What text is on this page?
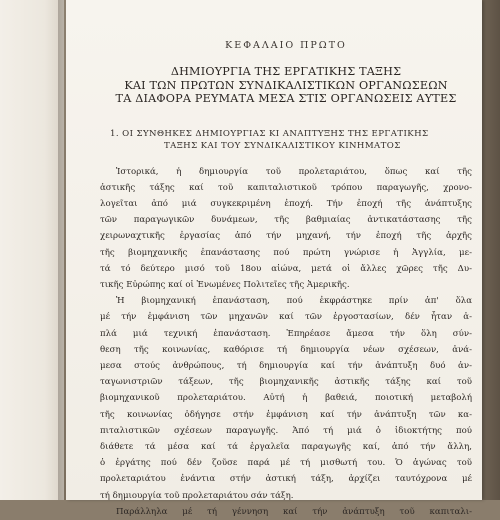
ΚΕΦΑΛΑΙΟ ΠΡΩΤΟ
ΔΗΜΙΟΥΡΓΙΑ ΤΗΣ ΕΡΓΑΤΙΚΗΣ ΤΑΞΗΣ
ΚΑΙ ΤΩΝ ΠΡΩΤΩΝ ΣΥΝΔΙΚΑΛΙΣΤΙΚΩΝ ΟΡΓΑΝΩΣΕΩΝ
ΤΑ ΔΙΑΦΟΡΑ ΡΕΥΜΑΤΑ ΜΕΣΑ ΣΤΙΣ ΟΡΓΑΝΩΣΕΙΣ ΑΥΤΕΣ
1. ΟΙ ΣΥΝΘΗΚΕΣ ΔΗΜΙΟΥΡΓΙΑΣ ΚΙ ΑΝΑΠΤΥΞΗΣ ΤΗΣ ΕΡΓΑΤΙΚΗΣ
ΤΑΞΗΣ ΚΑΙ ΤΟΥ ΣΥΝΔΙΚΑΛΙΣΤΙΚΟΥ ΚΙΝΗΜΑΤΟΣ
Ἱστορικά, ἡ δημιουργία τοῦ προλεταριάτου, ὅπως καί τῆς
ἀστικῆς τάξης καί τοῦ καπιταλιστικοῦ τρόπου παραγωγῆς, χρονο-
λογεῖται ἀπό μιά συγκεκριμένη ἐποχή. Τήν ἐποχή τῆς ἀνάπτυξης
τῶν παραγωγικῶν δυνάμεων, τῆς βαθμιαίας ἀντικατάστασης τῆς
χειρωναχτικῆς ἐργασίας ἀπό τήν μηχανή, τήν ἐποχή τῆς ἀρχῆς
τῆς βιομηχανικῆς ἐπανάστασης πού πρώτη γνώρισε ἡ Ἀγγλία, με-
τά τό δεύτερο μισό τοῦ 18ου αἰώνα, μετά οἱ ἄλλες χῶρες τῆς Δυ-
τικῆς Εὐρώπης καί οἱ Ἑνωμένες Πολιτεῖες τῆς Ἀμερικῆς.
Ἡ βιομηχανική ἐπανάσταση, πού ἐκφράστηκε πρίν ἀπ' ὅλα
μέ τήν ἐμφάνιση τῶν μηχανῶν καί τῶν ἐργοστασίων, δέν ἦταν ἁ-
πλά μιά τεχνική ἐπανάσταση. Ἐπηρέασε ἄμεσα τήν ὅλη σύν-
θεση τῆς κοινωνίας, καθόρισε τή δημιουργία νέων σχέσεων, ἀνά-
μεσα στούς ἀνθρώπους, τή δημιουργία καί τήν ἀνάπτυξη δυό ἀν-
ταγωνιστριῶν τάξεων, τῆς βιομηχανικῆς ἀστικῆς τάξης καί τοῦ
βιομηχανικοῦ προλεταριάτου. Αὐτή ἡ βαθειά, ποιοτική μεταβολή
τῆς κοινωνίας ὁδήγησε στήν ἐμφάνιση καί τήν ἀνάπτυξη τῶν κα-
πιταλιστικῶν σχέσεων παραγωγῆς. Ἀπό τή μιά ὁ ἰδιοκτήτης πού
διάθετε τά μέσα καί τά ἐργαλεῖα παραγωγῆς καί, ἀπό τήν ἄλλη,
ὁ ἐργάτης πού δέν ζοῦσε παρά μέ τή μισθωτή του. Ὁ ἀγώνας τοῦ
προλεταριάτου ἐνάντια στήν ἀστική τάξη, ἀρχίζει ταυτόχρονα μέ
τή δημιουργία τοῦ προλεταριάτου σάν τάξη.
Παράλληλα μέ τή γέννηση καί τήν ἀνάπτυξη τοῦ καπιταλι-
